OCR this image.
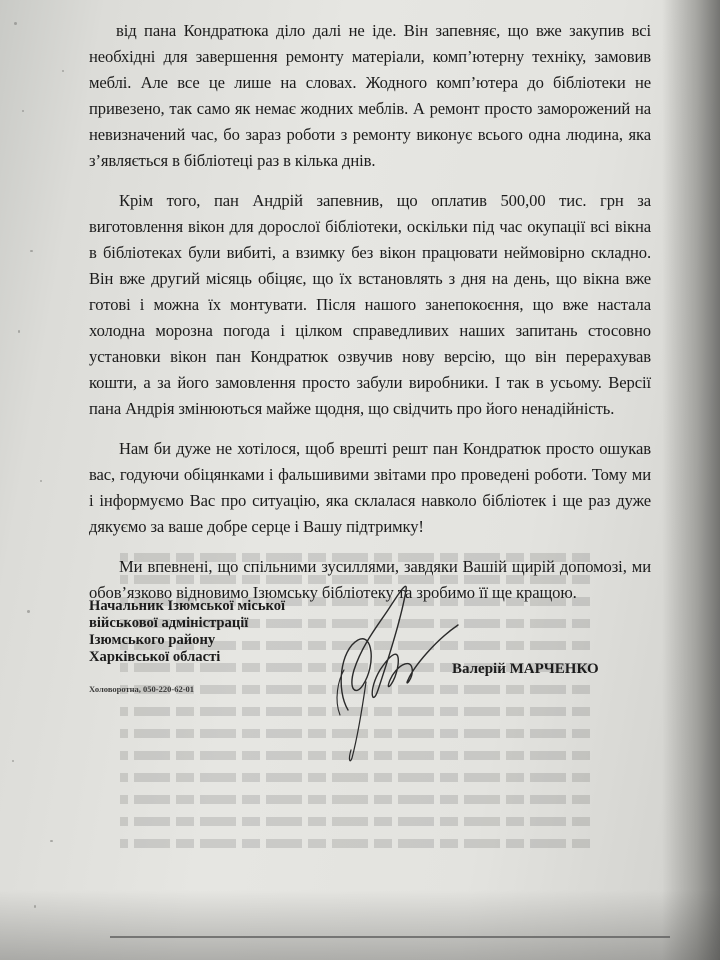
від пана Кондратюка діло далі не іде. Він запевняє, що вже закупив всі необхідні для завершення ремонту матеріали, комп’ютерну техніку, замовив меблі. Але все це лише на словах. Жодного комп’ютера до бібліотеки не привезено, так само як немає жодних меблів. А ремонт просто заморожений на невизначений час, бо зараз роботи з ремонту виконує всього одна людина, яка з’являється в бібліотеці раз в кілька днів.

Крім того, пан Андрій запевнив, що оплатив 500,00 тис. грн за виготовлення вікон для дорослої бібліотеки, оскільки під час окупації всі вікна в бібліотеках були вибиті, а взимку без вікон працювати неймовірно складно. Він вже другий місяць обіцяє, що їх встановлять з дня на день, що вікна вже готові і можна їх монтувати. Після нашого занепокоєння, що вже настала холодна морозна погода і цілком справедливих наших запитань стосовно установки вікон пан Кондратюк озвучив нову версію, що він перерахував кошти, а за його замовлення просто забули виробники. І так в усьому. Версії пана Андрія змінюються майже щодня, що свідчить про його ненадійність.

Нам би дуже не хотілося, щоб врешті решт пан Кондратюк просто ошукав вас, годуючи обіцянками і фальшивими звітами про проведені роботи. Тому ми і інформуємо Вас про ситуацію, яка склалася навколо бібліотек і ще раз дуже дякуємо за ваше добре серце і Вашу підтримку!

Ми впевнені, що спільними зусиллями, завдяки Вашій щирій допомозі, ми обов’язково відновимо Ізюмську бібліотеку та зробимо її ще кращою.

Начальник Ізюмської міської
військової адміністрації
Ізюмського району
Харківської області
Валерій МАРЧЕНКО
Холоворотна, 050-220-62-01
